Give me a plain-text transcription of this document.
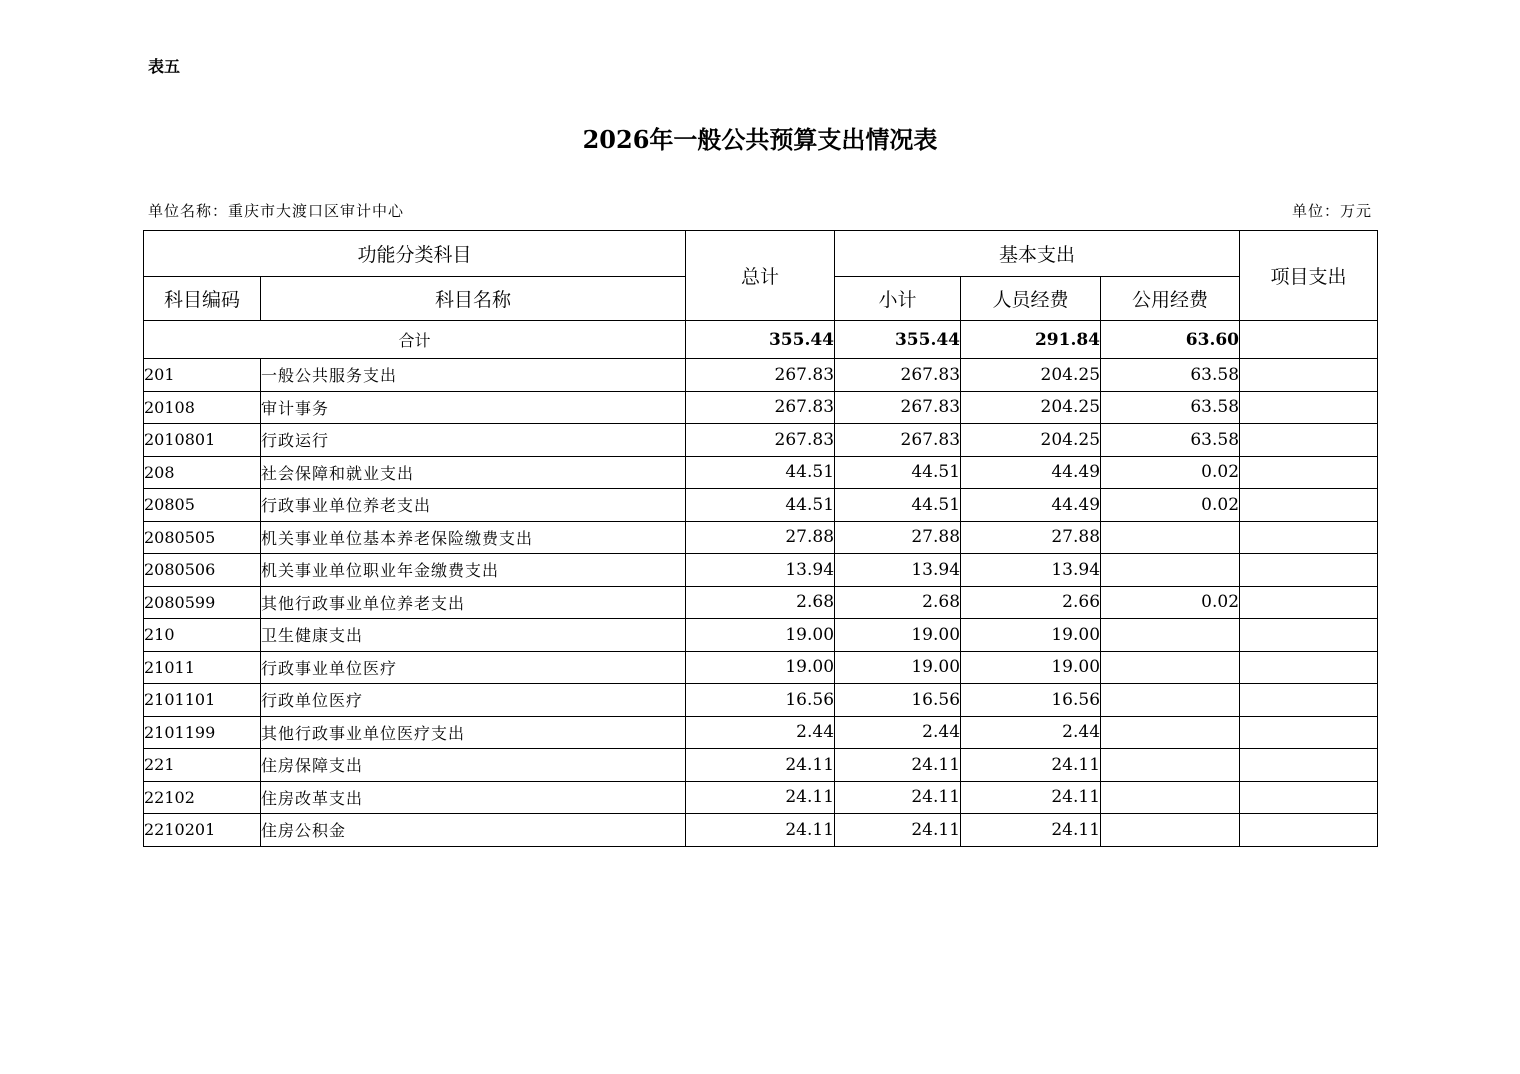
表五
2026年一般公共预算支出情况表
单位名称：重庆市大渡口区审计中心	单位：万元
功能分类科目		总计	基本支出			项目支出
科目编码	科目名称		小计	人员经费	公用经费	
合计		355.44	355.44	291.84	63.60	
201	一般公共服务支出	267.83	267.83	204.25	63.58	
20108	审计事务	267.83	267.83	204.25	63.58	
2010801	行政运行	267.83	267.83	204.25	63.58	
208	社会保障和就业支出	44.51	44.51	44.49	0.02	
20805	行政事业单位养老支出	44.51	44.51	44.49	0.02	
2080505	机关事业单位基本养老保险缴费支出	27.88	27.88	27.88		
2080506	机关事业单位职业年金缴费支出	13.94	13.94	13.94		
2080599	其他行政事业单位养老支出	2.68	2.68	2.66	0.02	
210	卫生健康支出	19.00	19.00	19.00		
21011	行政事业单位医疗	19.00	19.00	19.00		
2101101	行政单位医疗	16.56	16.56	16.56		
2101199	其他行政事业单位医疗支出	2.44	2.44	2.44		
221	住房保障支出	24.11	24.11	24.11		
22102	住房改革支出	24.11	24.11	24.11		
2210201	住房公积金	24.11	24.11	24.11		
